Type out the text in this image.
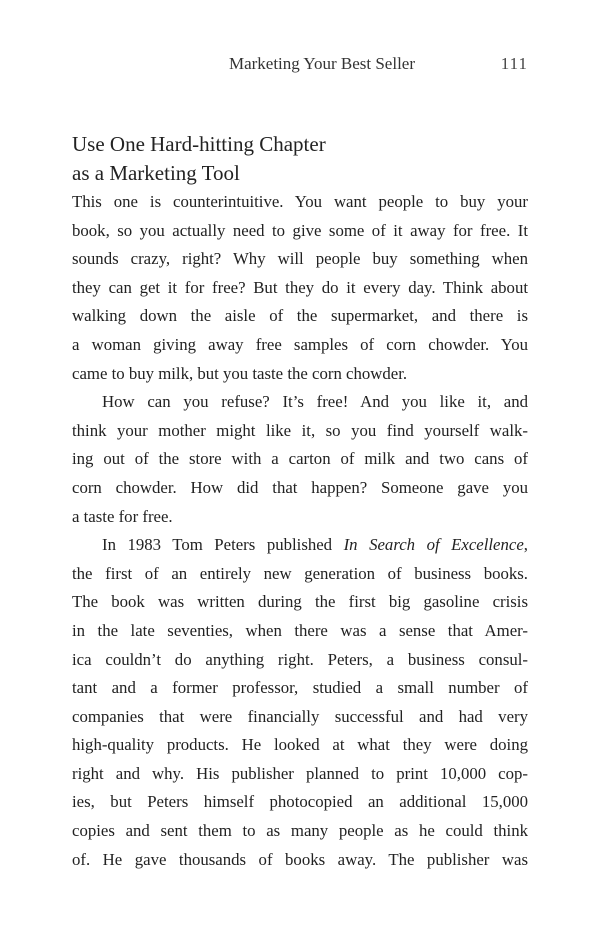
Marketing Your Best Seller	111
Use One Hard-hitting Chapter
as a Marketing Tool
This one is counterintuitive. You want people to buy your
book, so you actually need to give some of it away for free. It
sounds crazy, right? Why will people buy something when
they can get it for free? But they do it every day. Think about
walking down the aisle of the supermarket, and there is
a woman giving away free samples of corn chowder. You
came to buy milk, but you taste the corn chowder.
How can you refuse? It’s free! And you like it, and
think your mother might like it, so you find yourself walk-
ing out of the store with a carton of milk and two cans of
corn chowder. How did that happen? Someone gave you
a taste for free.
In 1983 Tom Peters published In Search of Excellence,
the first of an entirely new generation of business books.
The book was written during the first big gasoline crisis
in the late seventies, when there was a sense that Amer-
ica couldn’t do anything right. Peters, a business consul-
tant and a former professor, studied a small number of
companies that were financially successful and had very
high-quality products. He looked at what they were doing
right and why. His publisher planned to print 10,000 cop-
ies, but Peters himself photocopied an additional 15,000
copies and sent them to as many people as he could think
of. He gave thousands of books away. The publisher was
